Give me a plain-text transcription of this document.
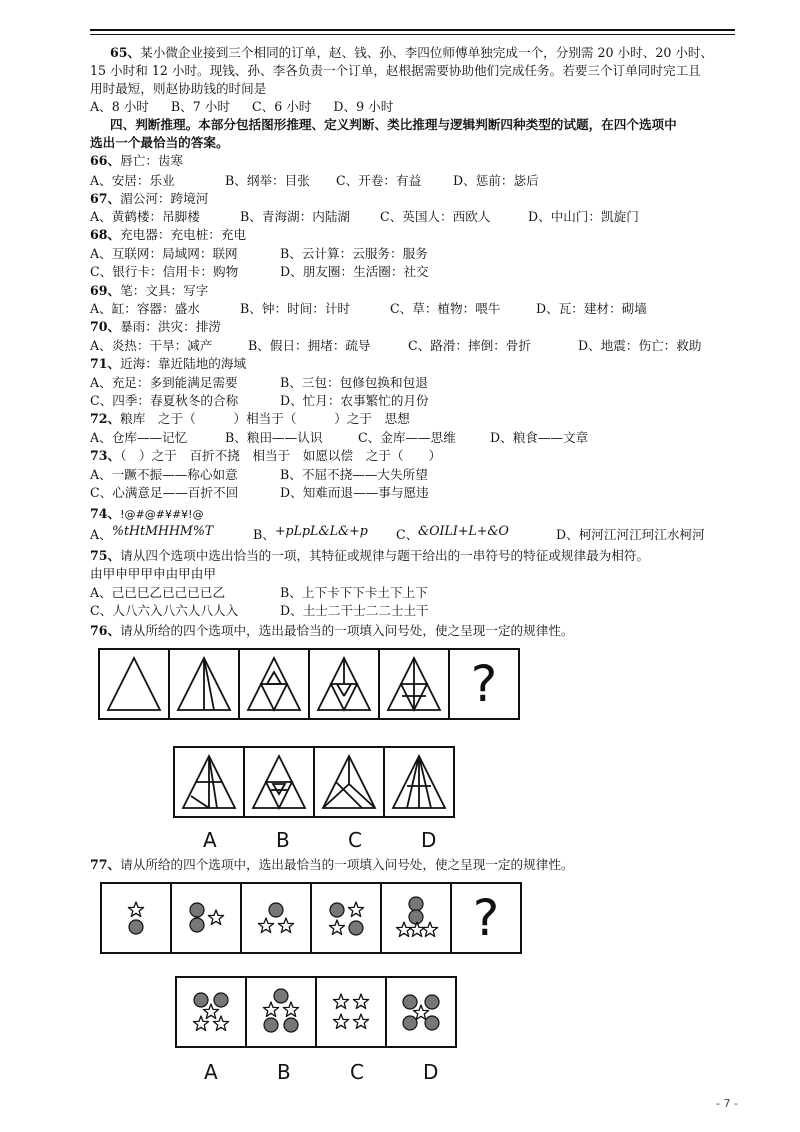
65、某小微企业接到三个相同的订单，赵、钱、孙、李四位师傅单独完成一个，分别需 20 小时、20 小时、
15 小时和 12 小时。现钱、孙、李各负责一个订单，赵根据需要协助他们完成任务。若要三个订单同时完工且
用时最短，则赵协助钱的时间是
A、8 小时 B、7 小时 C、6 小时 D、9 小时
四、判断推理。本部分包括图形推理、定义判断、类比推理与逻辑判断四种类型的试题，在四个选项中
选出一个最恰当的答案。
66、唇亡：齿寒
A、安居：乐业	B、纲举：目张 C、开卷：有益	D、惩前：毖后
67、湄公河：跨境河
A、黄鹤楼：吊脚楼	B、青海湖：内陆湖 C、英国人：西欧人	D、中山门：凯旋门
68、充电器：充电桩：充电
A、互联网：局域网：联网	B、云计算：云服务：服务
C、银行卡：信用卡：购物	D、朋友圈：生活圈：社交
69、笔：文具：写字
A、缸：容器：盛水	B、钟：时间：计时	C、草：植物：喂牛	D、瓦：建材：砌墙
70、暴雨：洪灾：排涝
A、炎热：干旱：减产	B、假日：拥堵：疏导	C、路滑：摔倒：骨折	D、地震：伤亡：救助
71、近海：靠近陆地的海域
A、充足：多到能满足需要	B、三包：包修包换和包退
C、四季：春夏秋冬的合称	D、忙月：农事繁忙的月份
72、粮库　之于（　　　）相当于（　　　）之于　思想
A、仓库——记忆	B、粮田——认识	C、金库——思维	D、粮食——文章
73、（　）之于　百折不挠　相当于　如愿以偿　之于（　　）
A、一蹶不振——称心如意	B、不屈不挠——大失所望
C、心满意足——百折不回	D、知难而退——事与愿违
74、!@#@#¥#¥!@
A、 %tHtMHHM%T	B、 +pLpL&L&+p C、 &OILI+L+&O	D、柯河江河江珂江水柯河
75、请从四个选项中选出恰当的一项，其特征或规律与题干给出的一串符号的特征或规律最为相符。
由甲申甲甲申由甲由甲
A、己已巳乙已己已已乙	B、上下卡下下卡土下上下
C、人八六入八六人八人入	D、土士二干士二二士土干
76、请从所给的四个选项中，选出最恰当的一项填入问号处，使之呈现一定的规律性。
?
A	B	C	D
77、请从所给的四个选项中，选出最恰当的一项填入问号处，使之呈现一定的规律性。
?
A	B	C	D
- 7 -
